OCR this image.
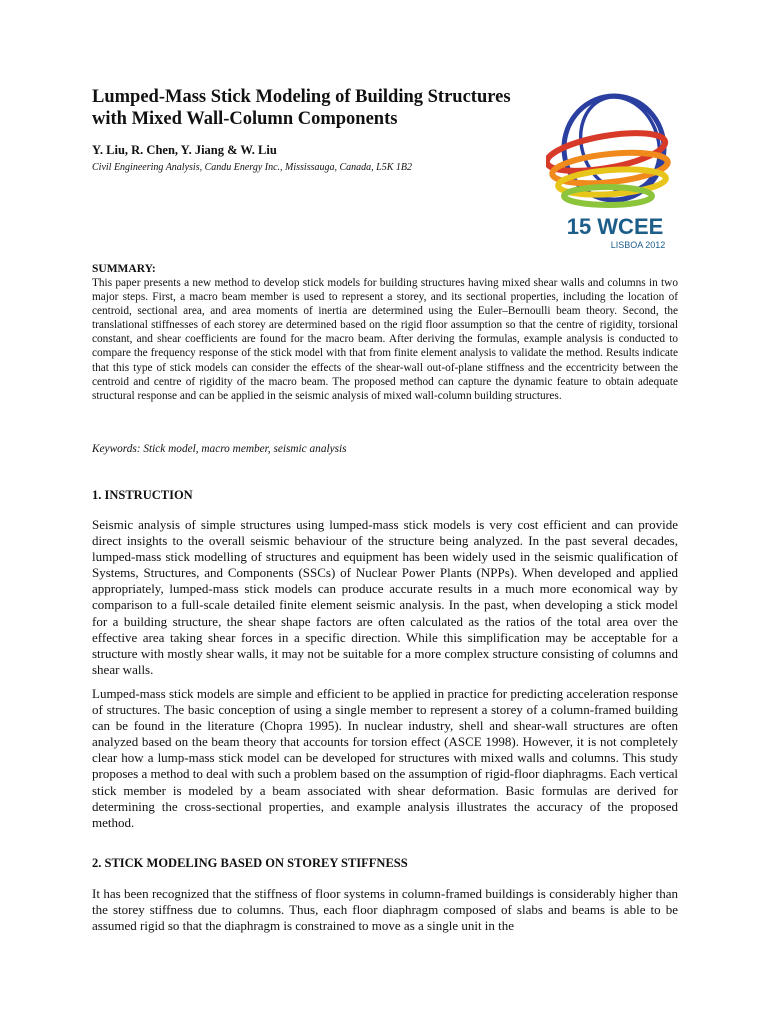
Lumped-Mass Stick Modeling of Building Structures with Mixed Wall-Column Components

Y. Liu, R. Chen, Y. Jiang & W. Liu

Civil Engineering Analysis, Candu Energy Inc., Mississauga, Canada, L5K 1B2

15 WCEE
LISBOA 2012

SUMMARY:

This paper presents a new method to develop stick models for building structures having mixed shear walls and columns in two major steps. First, a macro beam member is used to represent a storey, and its sectional properties, including the location of centroid, sectional area, and area moments of inertia are determined using the Euler–Bernoulli beam theory. Second, the translational stiffnesses of each storey are determined based on the rigid floor assumption so that the centre of rigidity, torsional constant, and shear coefficients are found for the macro beam. After deriving the formulas, example analysis is conducted to compare the frequency response of the stick model with that from finite element analysis to validate the method. Results indicate that this type of stick models can consider the effects of the shear-wall out-of-plane stiffness and the eccentricity between the centroid and centre of rigidity of the macro beam. The proposed method can capture the dynamic feature to obtain adequate structural response and can be applied in the seismic analysis of mixed wall-column building structures.

Keywords: Stick model, macro member, seismic analysis

1. INSTRUCTION

Seismic analysis of simple structures using lumped-mass stick models is very cost efficient and can provide direct insights to the overall seismic behaviour of the structure being analyzed. In the past several decades, lumped-mass stick modelling of structures and equipment has been widely used in the seismic qualification of Systems, Structures, and Components (SSCs) of Nuclear Power Plants (NPPs). When developed and applied appropriately, lumped-mass stick models can produce accurate results in a much more economical way by comparison to a full-scale detailed finite element seismic analysis. In the past, when developing a stick model for a building structure, the shear shape factors are often calculated as the ratios of the total area over the effective area taking shear forces in a specific direction. While this simplification may be acceptable for a structure with mostly shear walls, it may not be suitable for a more complex structure consisting of columns and shear walls.

Lumped-mass stick models are simple and efficient to be applied in practice for predicting acceleration response of structures. The basic conception of using a single member to represent a storey of a column-framed building can be found in the literature (Chopra 1995). In nuclear industry, shell and shear-wall structures are often analyzed based on the beam theory that accounts for torsion effect (ASCE 1998). However, it is not completely clear how a lump-mass stick model can be developed for structures with mixed walls and columns. This study proposes a method to deal with such a problem based on the assumption of rigid-floor diaphragms. Each vertical stick member is modeled by a beam associated with shear deformation. Basic formulas are derived for determining the cross-sectional properties, and example analysis illustrates the accuracy of the proposed method.

2. STICK MODELING BASED ON STOREY STIFFNESS

It has been recognized that the stiffness of floor systems in column-framed buildings is considerably higher than the storey stiffness due to columns. Thus, each floor diaphragm composed of slabs and beams is able to be assumed rigid so that the diaphragm is constrained to move as a single unit in the
